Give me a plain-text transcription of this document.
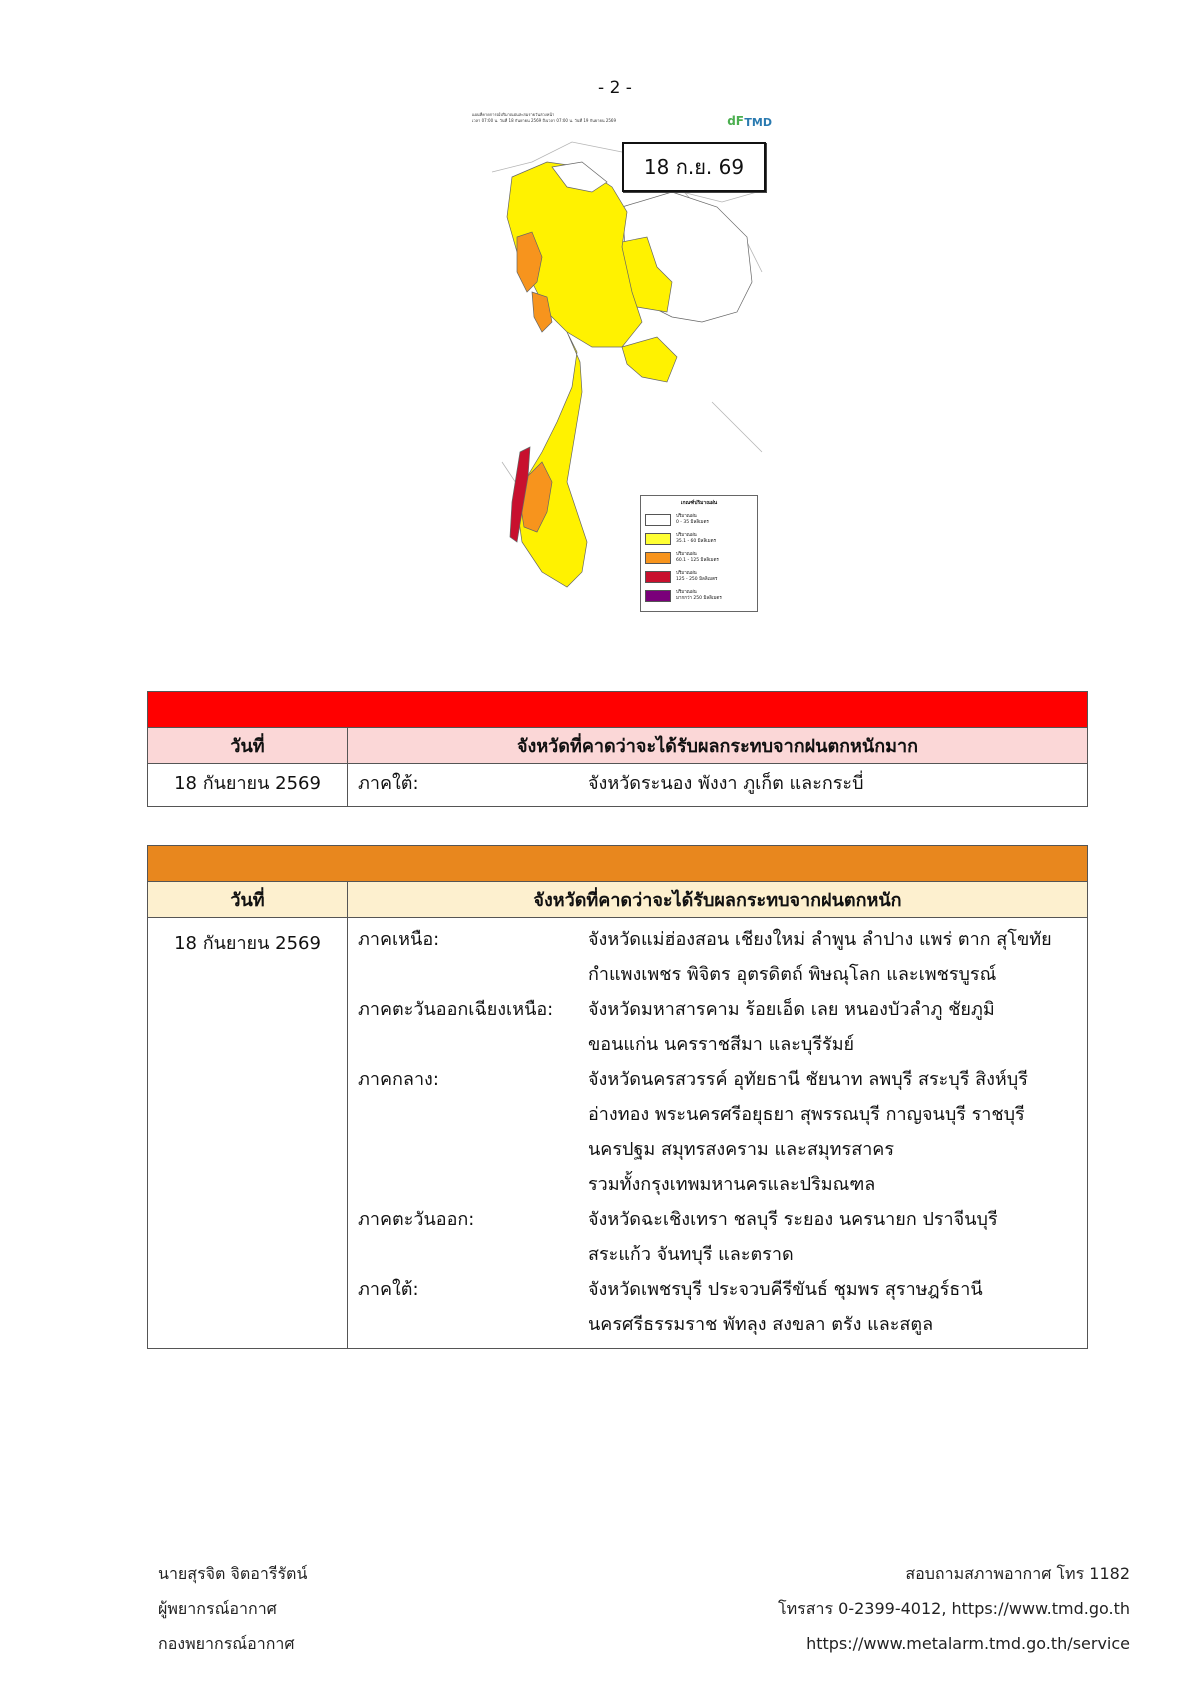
- 2 -
แผนที่คาดการณ์ปริมาณฝนสะสมรายวันล่วงหน้า
เวลา 07:00 น. วันที่ 18 กันยายน 2569 ถึงเวลา 07:00 น. วันที่ 19 กันยายน 2569	dF TMD
18 ก.ย. 69
เกณฑ์ปริมาณฝน
ปริมาณฝน
0 - 35 มิลลิเมตร
ปริมาณฝน
35.1 - 60 มิลลิเมตร
ปริมาณฝน
60.1 - 125 มิลลิเมตร
ปริมาณฝน
125 - 250 มิลลิเมตร
ปริมาณฝน
มากกว่า 250 มิลลิเมตร
วันที่	จังหวัดที่คาดว่าจะได้รับผลกระทบจากฝนตกหนักมาก
18 กันยายน 2569	ภาคใต้:	จังหวัดระนอง พังงา ภูเก็ต และกระบี่
วันที่	จังหวัดที่คาดว่าจะได้รับผลกระทบจากฝนตกหนัก
18 กันยายน 2569	ภาคเหนือ:	จังหวัดแม่ฮ่องสอน เชียงใหม่ ลำพูน ลำปาง แพร่ ตาก สุโขทัย
กำแพงเพชร พิจิตร อุตรดิตถ์ พิษณุโลก และเพชรบูรณ์
ภาคตะวันออกเฉียงเหนือ:	จังหวัดมหาสารคาม ร้อยเอ็ด เลย หนองบัวลำภู ชัยภูมิ
ขอนแก่น นครราชสีมา และบุรีรัมย์
ภาคกลาง:	จังหวัดนครสวรรค์ อุทัยธานี ชัยนาท ลพบุรี สระบุรี สิงห์บุรี
อ่างทอง พระนครศรีอยุธยา สุพรรณบุรี กาญจนบุรี ราชบุรี
นครปฐม สมุทรสงคราม และสมุทรสาคร
รวมทั้งกรุงเทพมหานครและปริมณฑล
ภาคตะวันออก:	จังหวัดฉะเชิงเทรา ชลบุรี ระยอง นครนายก ปราจีนบุรี
สระแก้ว จันทบุรี และตราด
ภาคใต้:	จังหวัดเพชรบุรี ประจวบคีรีขันธ์ ชุมพร สุราษฎร์ธานี
นครศรีธรรมราช พัทลุง สงขลา ตรัง และสตูล
นายสุรจิต จิตอารีรัตน์
ผู้พยากรณ์อากาศ
กองพยากรณ์อากาศ
สอบถามสภาพอากาศ โทร 1182
โทรสาร 0-2399-4012, https://www.tmd.go.th
https://www.metalarm.tmd.go.th/service
